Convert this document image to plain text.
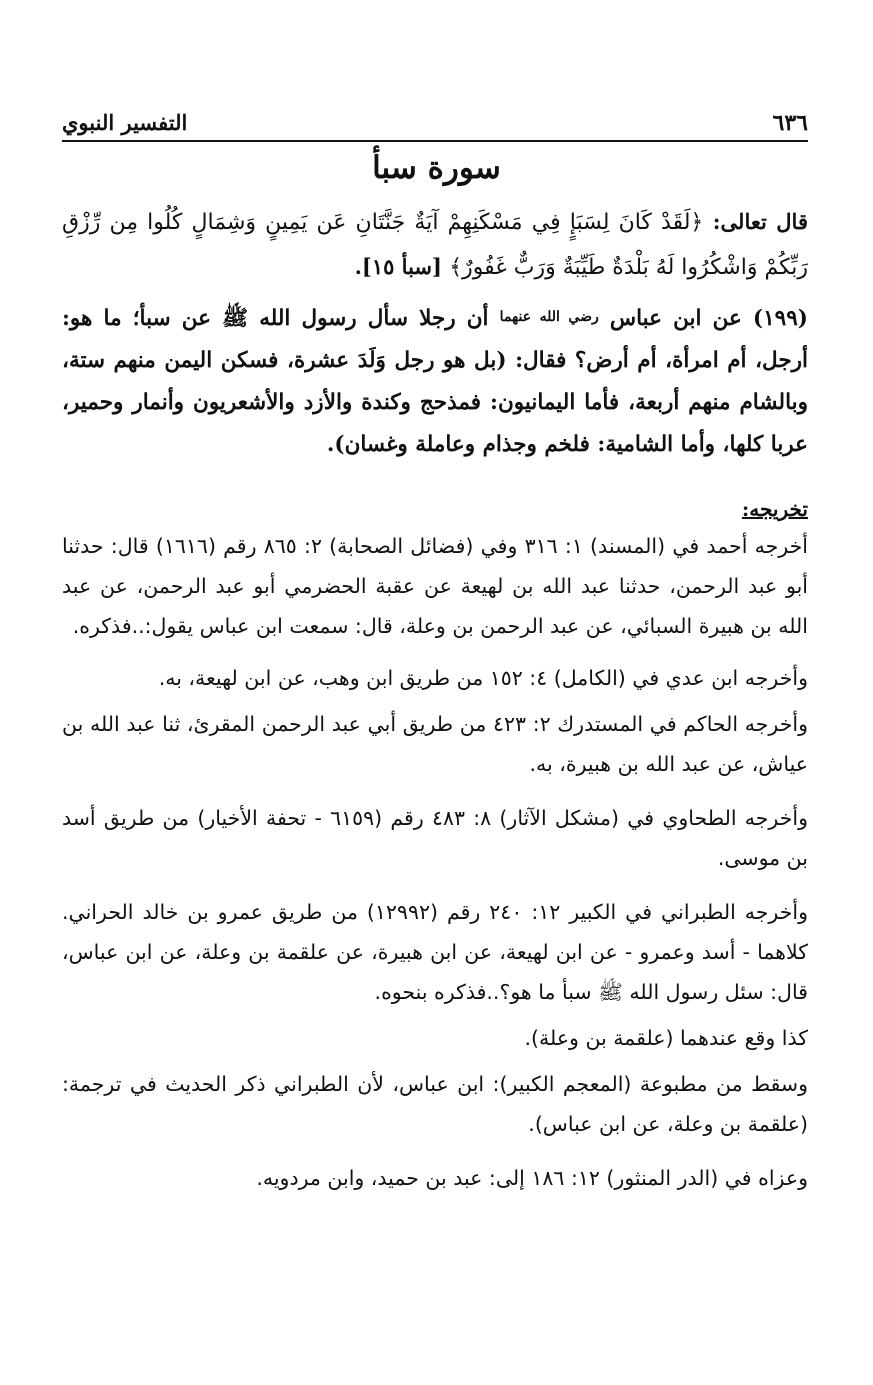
٦٣٦
التفسير النبوي
سورة سبأ

قال تعالى: ﴿لَقَدْ كَانَ لِسَبَإٍ فِي مَسْكَنِهِمْ آيَةٌ جَنَّتَانِ عَن يَمِينٍ وَشِمَالٍ كُلُوا مِن رِّزْقِ رَبِّكُمْ وَاشْكُرُوا لَهُ بَلْدَةٌ طَيِّبَةٌ وَرَبٌّ غَفُورٌ﴾ [سبأ ١٥].

(١٩٩) عن ابن عباس رضي الله عنهما أن رجلا سأل رسول الله ﷺ عن سبأ؛ ما هو: أرجل، أم امرأة، أم أرض؟ فقال: (بل هو رجل وَلَدَ عشرة، فسكن اليمن منهم ستة، وبالشام منهم أربعة، فأما اليمانيون: فمذحج وكندة والأزد والأشعريون وأنمار وحمير، عربا كلها، وأما الشامية: فلخم وجذام وعاملة وغسان).

تخريجه:

أخرجه أحمد في (المسند) ١: ٣١٦ وفي (فضائل الصحابة) ٢: ٨٦٥ رقم (١٦١٦) قال: حدثنا أبو عبد الرحمن، حدثنا عبد الله بن لهيعة عن عقبة الحضرمي أبو عبد الرحمن، عن عبد الله بن هبيرة السبائي، عن عبد الرحمن بن وعلة، قال: سمعت ابن عباس يقول:..فذكره.

وأخرجه ابن عدي في (الكامل) ٤: ١٥٢ من طريق ابن وهب، عن ابن لهيعة، به.

وأخرجه الحاكم في المستدرك ٢: ٤٢٣ من طريق أبي عبد الرحمن المقرئ، ثنا عبد الله بن عياش، عن عبد الله بن هبيرة، به.

وأخرجه الطحاوي في (مشكل الآثار) ٨: ٤٨٣ رقم (٦١٥٩ - تحفة الأخيار) من طريق أسد بن موسى.

وأخرجه الطبراني في الكبير ١٢: ٢٤٠ رقم (١٢٩٩٢) من طريق عمرو بن خالد الحراني. كلاهما - أسد وعمرو - عن ابن لهيعة، عن ابن هبيرة، عن علقمة بن وعلة، عن ابن عباس، قال: سئل رسول الله ﷺ سبأ ما هو؟..فذكره بنحوه.

كذا وقع عندهما (علقمة بن وعلة).

وسقط من مطبوعة (المعجم الكبير): ابن عباس، لأن الطبراني ذكر الحديث في ترجمة: (علقمة بن وعلة، عن ابن عباس).

وعزاه في (الدر المنثور) ١٢: ١٨٦ إلى: عبد بن حميد، وابن مردويه.
